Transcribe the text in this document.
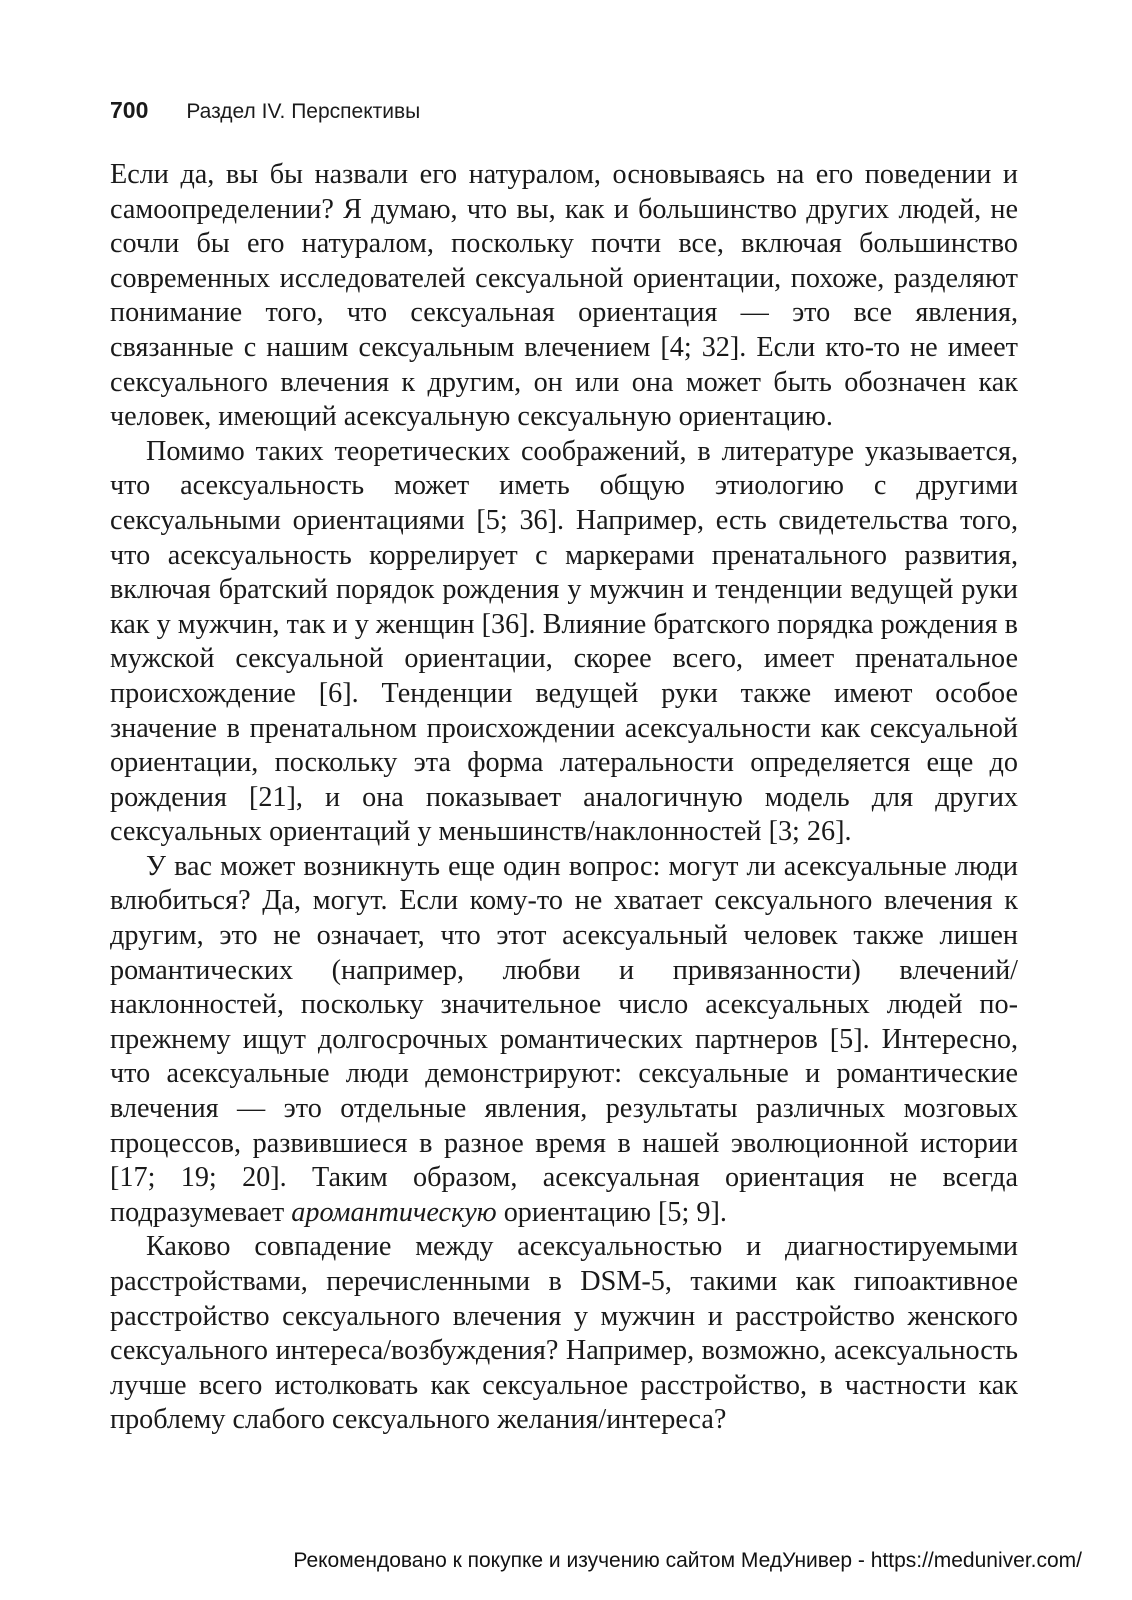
700 Раздел IV. Перспективы

Если да, вы бы назвали его натуралом, основываясь на его поведении и самоопределении? Я думаю, что вы, как и большинство других людей, не сочли бы его натуралом, поскольку почти все, включая большинство современных исследователей сексуальной ориентации, похоже, разделяют понимание того, что сексуальная ориентация — это все явления, связанные с нашим сексуальным влечением [4; 32]. Если кто-то не имеет сексуального влечения к другим, он или она может быть обозначен как человек, имеющий асексуальную сексуальную ориентацию.

Помимо таких теоретических соображений, в литературе указывается, что асексуальность может иметь общую этиологию с другими сексуальными ориентациями [5; 36]. Например, есть свидетельства того, что асексуальность коррелирует с маркерами пренатального развития, включая братский порядок рождения у мужчин и тенденции ведущей руки как у мужчин, так и у женщин [36]. Влияние братского порядка рождения в мужской сексуальной ориентации, скорее всего, имеет пренатальное происхождение [6]. Тенденции ведущей руки также имеют особое значение в пренатальном происхождении асексуальности как сексуальной ориентации, поскольку эта форма латеральности определяется еще до рождения [21], и она показывает аналогичную модель для других сексуальных ориентаций у меньшинств/наклонностей [3; 26].

У вас может возникнуть еще один вопрос: могут ли асексуальные люди влюбиться? Да, могут. Если кому-то не хватает сексуального влечения к другим, это не означает, что этот асексуальный человек также лишен романтических (например, любви и привязанности) влечений/наклонностей, поскольку значительное число асексуальных людей по-прежнему ищут долгосрочных романтических партнеров [5]. Интересно, что асексуальные люди демонстрируют: сексуальные и романтические влечения — это отдельные явления, результаты различных мозговых процессов, развившиеся в разное время в нашей эволюционной истории [17; 19; 20]. Таким образом, асексуальная ориентация не всегда подразумевает аромантическую ориентацию [5; 9].

Каково совпадение между асексуальностью и диагностируемыми расстройствами, перечисленными в DSM-5, такими как гипоактивное расстройство сексуального влечения у мужчин и расстройство женского сексуального интереса/возбуждения? Например, возможно, асексуальность лучше всего истолковать как сексуальное расстройство, в частности как проблему слабого сексуального желания/интереса?

Рекомендовано к покупке и изучению сайтом МедУнивер - https://meduniver.com/
